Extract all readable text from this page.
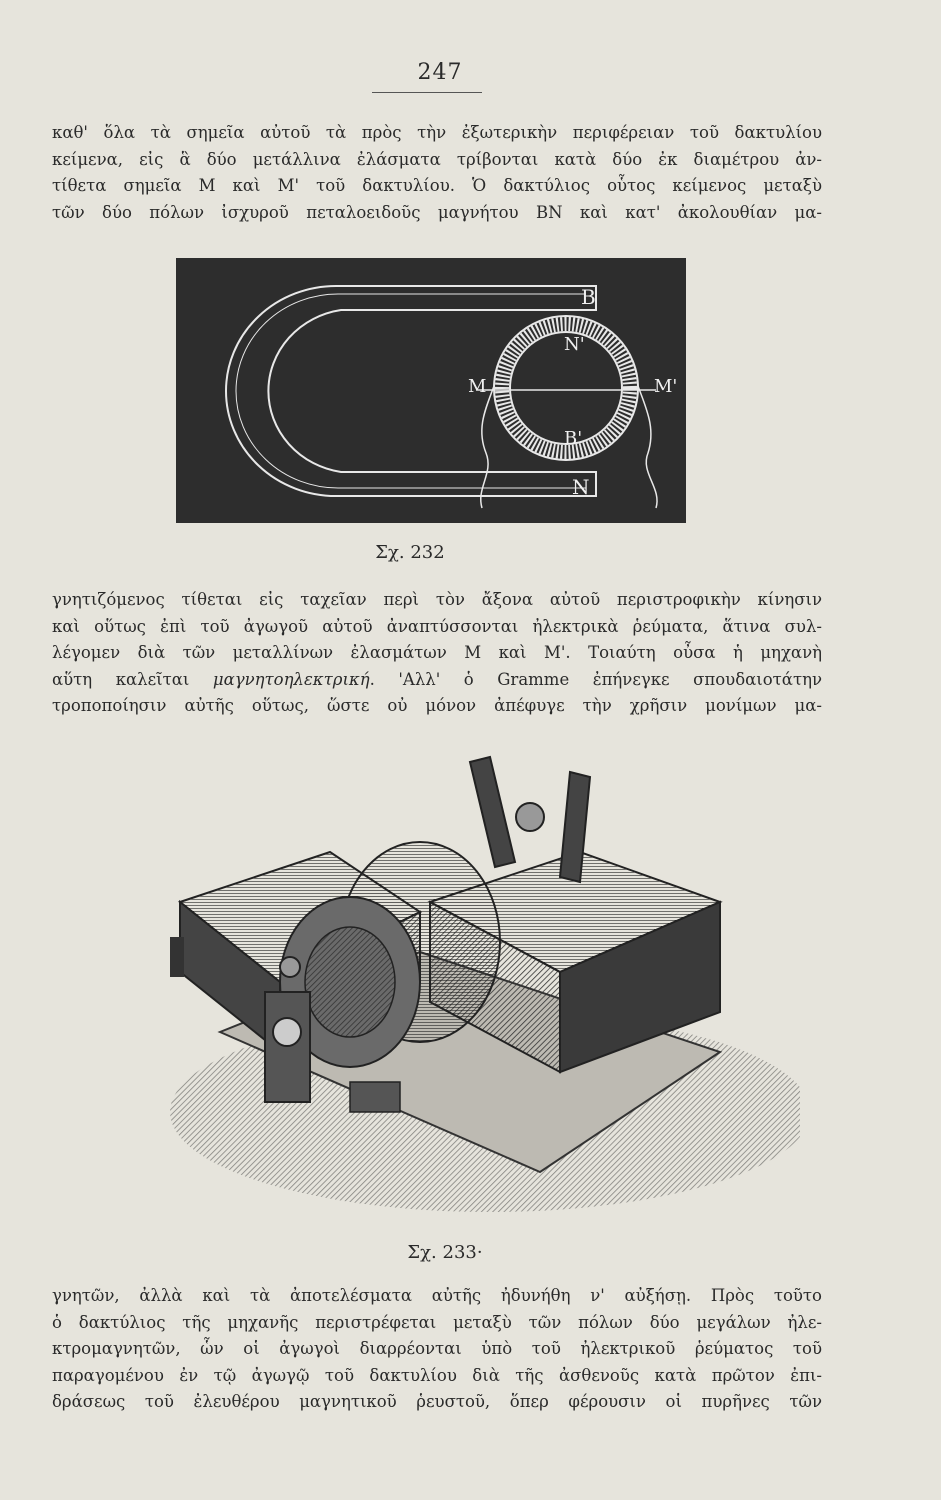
247
καθ' ὅλα τὰ σημεῖα αὐτοῦ τὰ πρὸς τὴν ἐξωτερικὴν περιφέρειαν τοῦ δακτυλίου
κείμενα, εἰς ἃ δύο μετάλλινα ἐλάσματα τρίβονται κατὰ δύο ἐκ διαμέτρου ἀν-
τίθετα σημεῖα Μ καὶ Μ' τοῦ δακτυλίου. Ὁ δακτύλιος οὗτος κείμενος μεταξὺ
τῶν δύο πόλων ἰσχυροῦ πεταλοειδοῦς μαγνήτου ΒΝ καὶ κατ' ἀκολουθίαν μα-
B
N'
M	M'
B'
N
Σχ. 232
γνητιζόμενος τίθεται εἰς ταχεῖαν περὶ τὸν ἄξονα αὐτοῦ περιστροφικὴν κίνησιν
καὶ οὕτως ἐπὶ τοῦ ἀγωγοῦ αὐτοῦ ἀναπτύσσονται ἠλεκτρικὰ ῥεύματα, ἅτινα συλ-
λέγομεν διὰ τῶν μεταλλίνων ἐλασμάτων Μ καὶ Μ'. Τοιαύτη οὖσα ἡ μηχανὴ
αὕτη καλεῖται μαγνητοηλεκτρική. 'Αλλ' ὁ Gramme ἐπήνεγκε σπουδαιοτάτην
τροποποίησιν αὐτῆς οὕτως, ὥστε οὐ μόνον ἀπέφυγε τὴν χρῆσιν μονίμων μα-
Σχ. 233·
γνητῶν, ἀλλὰ καὶ τὰ ἀποτελέσματα αὐτῆς ἠδυνήθη ν' αὐξήσῃ. Πρὸς τοῦτο
ὁ δακτύλιος τῆς μηχανῆς περιστρέφεται μεταξὺ τῶν πόλων δύο μεγάλων ἠλε-
κτρομαγνητῶν, ὧν οἱ ἀγωγοὶ διαρρέονται ὑπὸ τοῦ ἠλεκτρικοῦ ῥεύματος τοῦ
παραγομένου ἐν τῷ ἀγωγῷ τοῦ δακτυλίου διὰ τῆς ἀσθενοῦς κατὰ πρῶτον ἐπι-
δράσεως τοῦ ἐλευθέρου μαγνητικοῦ ῥευστοῦ, ὅπερ φέρουσιν οἱ πυρῆνες τῶν
